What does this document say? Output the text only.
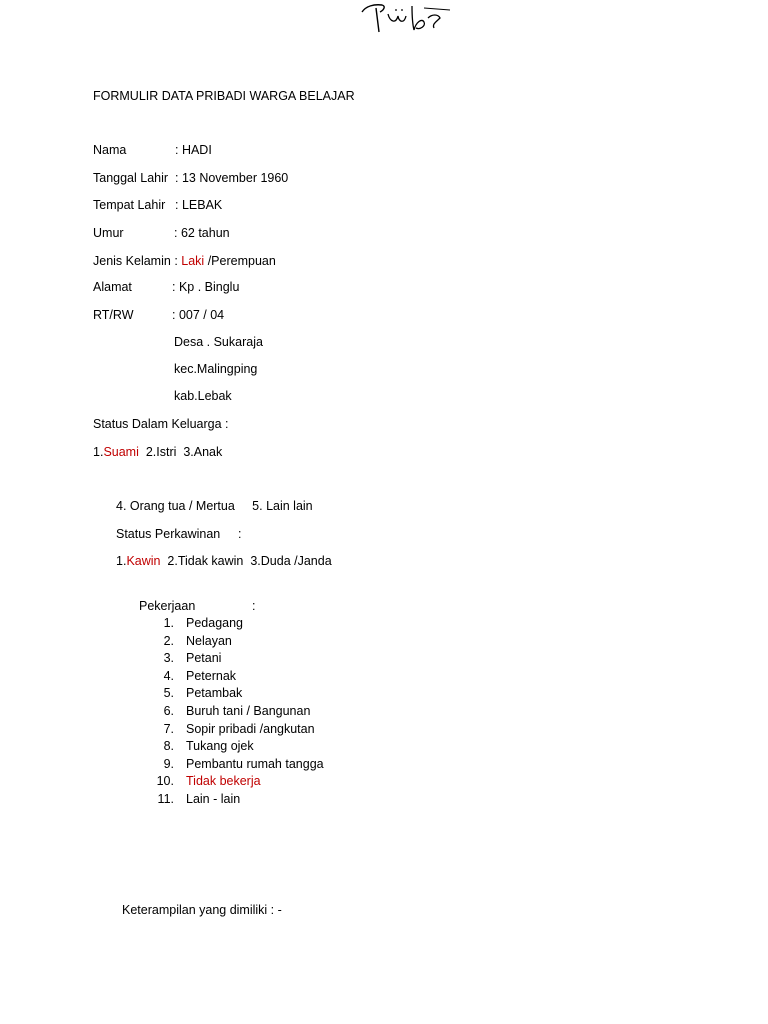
FORMULIR DATA PRIBADI WARGA BELAJAR
Nama	: HADI
Tanggal Lahir : 13 November 1960
Tempat Lahir : LEBAK
Umur	: 62 tahun
Jenis Kelamin : Laki /Perempuan
Alamat	: Kp . Binglu
RT/RW	: 007 / 04
Desa . Sukaraja
kec.Malingping
kab.Lebak
Status Dalam Keluarga :
1.Suami  2.Istri  3.Anak
4. Orang tua / Mertua     5. Lain lain
Status Perkawinan :
1.Kawin  2.Tidak kawin  3.Duda /Janda
Pekerjaan	:
1. Pedagang
2. Nelayan
3. Petani
4. Peternak
5. Petambak
6. Buruh tani / Bangunan
7. Sopir pribadi /angkutan
8. Tukang ojek
9. Pembantu rumah tangga
10. Tidak bekerja
11. Lain - lain
Keterampilan yang dimiliki : -
